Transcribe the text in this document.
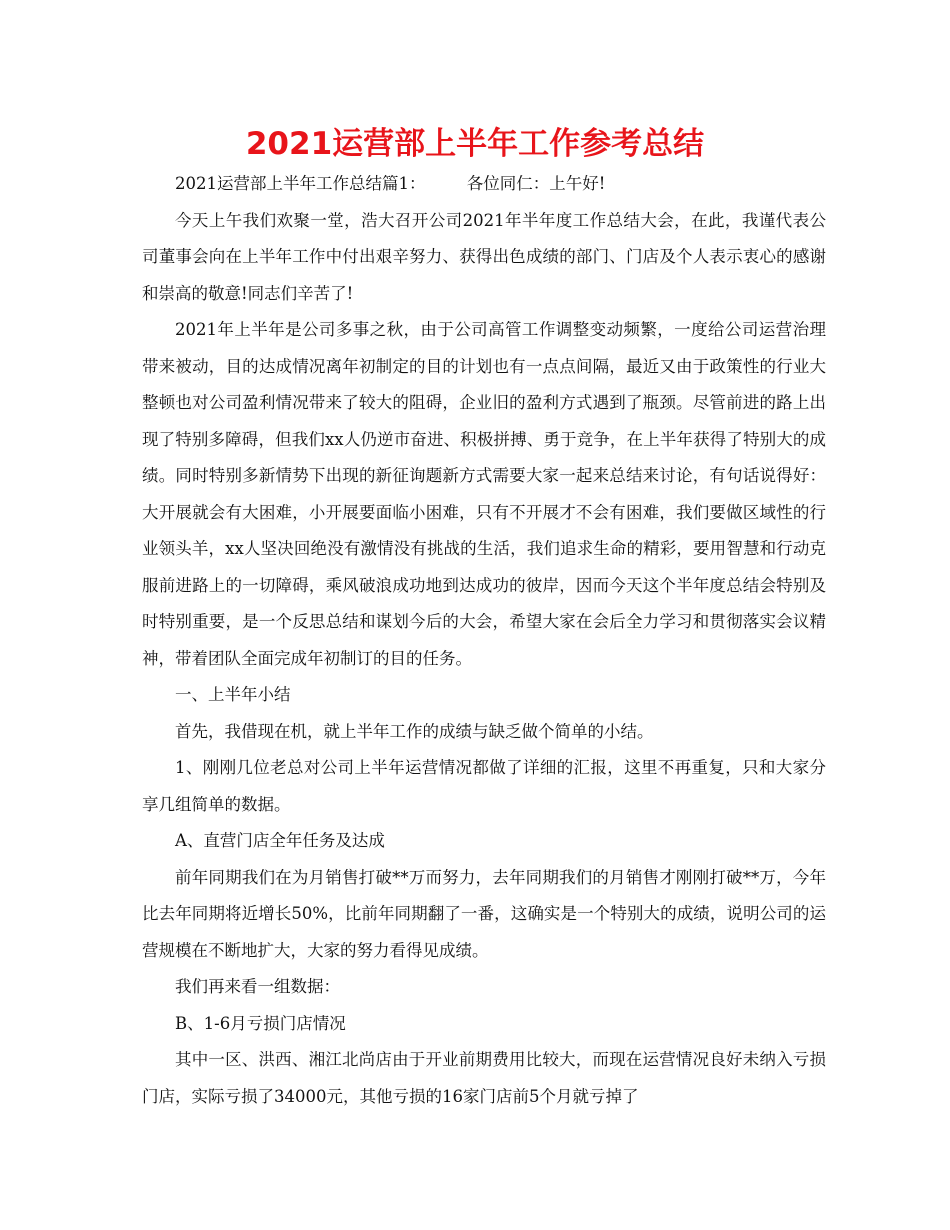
2021运营部上半年工作参考总结

2021运营部上半年工作总结篇1：　　　各位同仁：上午好!

今天上午我们欢聚一堂，浩大召开公司2021年半年度工作总结大会，在此，我谨代表公司董事会向在上半年工作中付出艰辛努力、获得出色成绩的部门、门店及个人表示衷心的感谢和崇高的敬意!同志们辛苦了!

2021年上半年是公司多事之秋，由于公司高管工作调整变动频繁，一度给公司运营治理带来被动，目的达成情况离年初制定的目的计划也有一点点间隔，最近又由于政策性的行业大整顿也对公司盈利情况带来了较大的阻碍，企业旧的盈利方式遇到了瓶颈。尽管前进的路上出现了特别多障碍，但我们xx人仍逆市奋进、积极拼搏、勇于竞争，在上半年获得了特别大的成绩。同时特别多新情势下出现的新征询题新方式需要大家一起来总结来讨论，有句话说得好：大开展就会有大困难，小开展要面临小困难，只有不开展才不会有困难，我们要做区域性的行业领头羊，xx人坚决回绝没有激情没有挑战的生活，我们追求生命的精彩，要用智慧和行动克服前进路上的一切障碍，乘风破浪成功地到达成功的彼岸，因而今天这个半年度总结会特别及时特别重要，是一个反思总结和谋划今后的大会，希望大家在会后全力学习和贯彻落实会议精神，带着团队全面完成年初制订的目的任务。

一、上半年小结

首先，我借现在机，就上半年工作的成绩与缺乏做个简单的小结。

1、刚刚几位老总对公司上半年运营情况都做了详细的汇报，这里不再重复，只和大家分享几组简单的数据。

A、直营门店全年任务及达成

前年同期我们在为月销售打破**万而努力，去年同期我们的月销售才刚刚打破**万，今年比去年同期将近增长50%，比前年同期翻了一番，这确实是一个特别大的成绩，说明公司的运营规模在不断地扩大，大家的努力看得见成绩。

我们再来看一组数据：

B、1-6月亏损门店情况

其中一区、洪西、湘江北尚店由于开业前期费用比较大，而现在运营情况良好未纳入亏损门店，实际亏损了34000元，其他亏损的16家门店前5个月就亏掉了
